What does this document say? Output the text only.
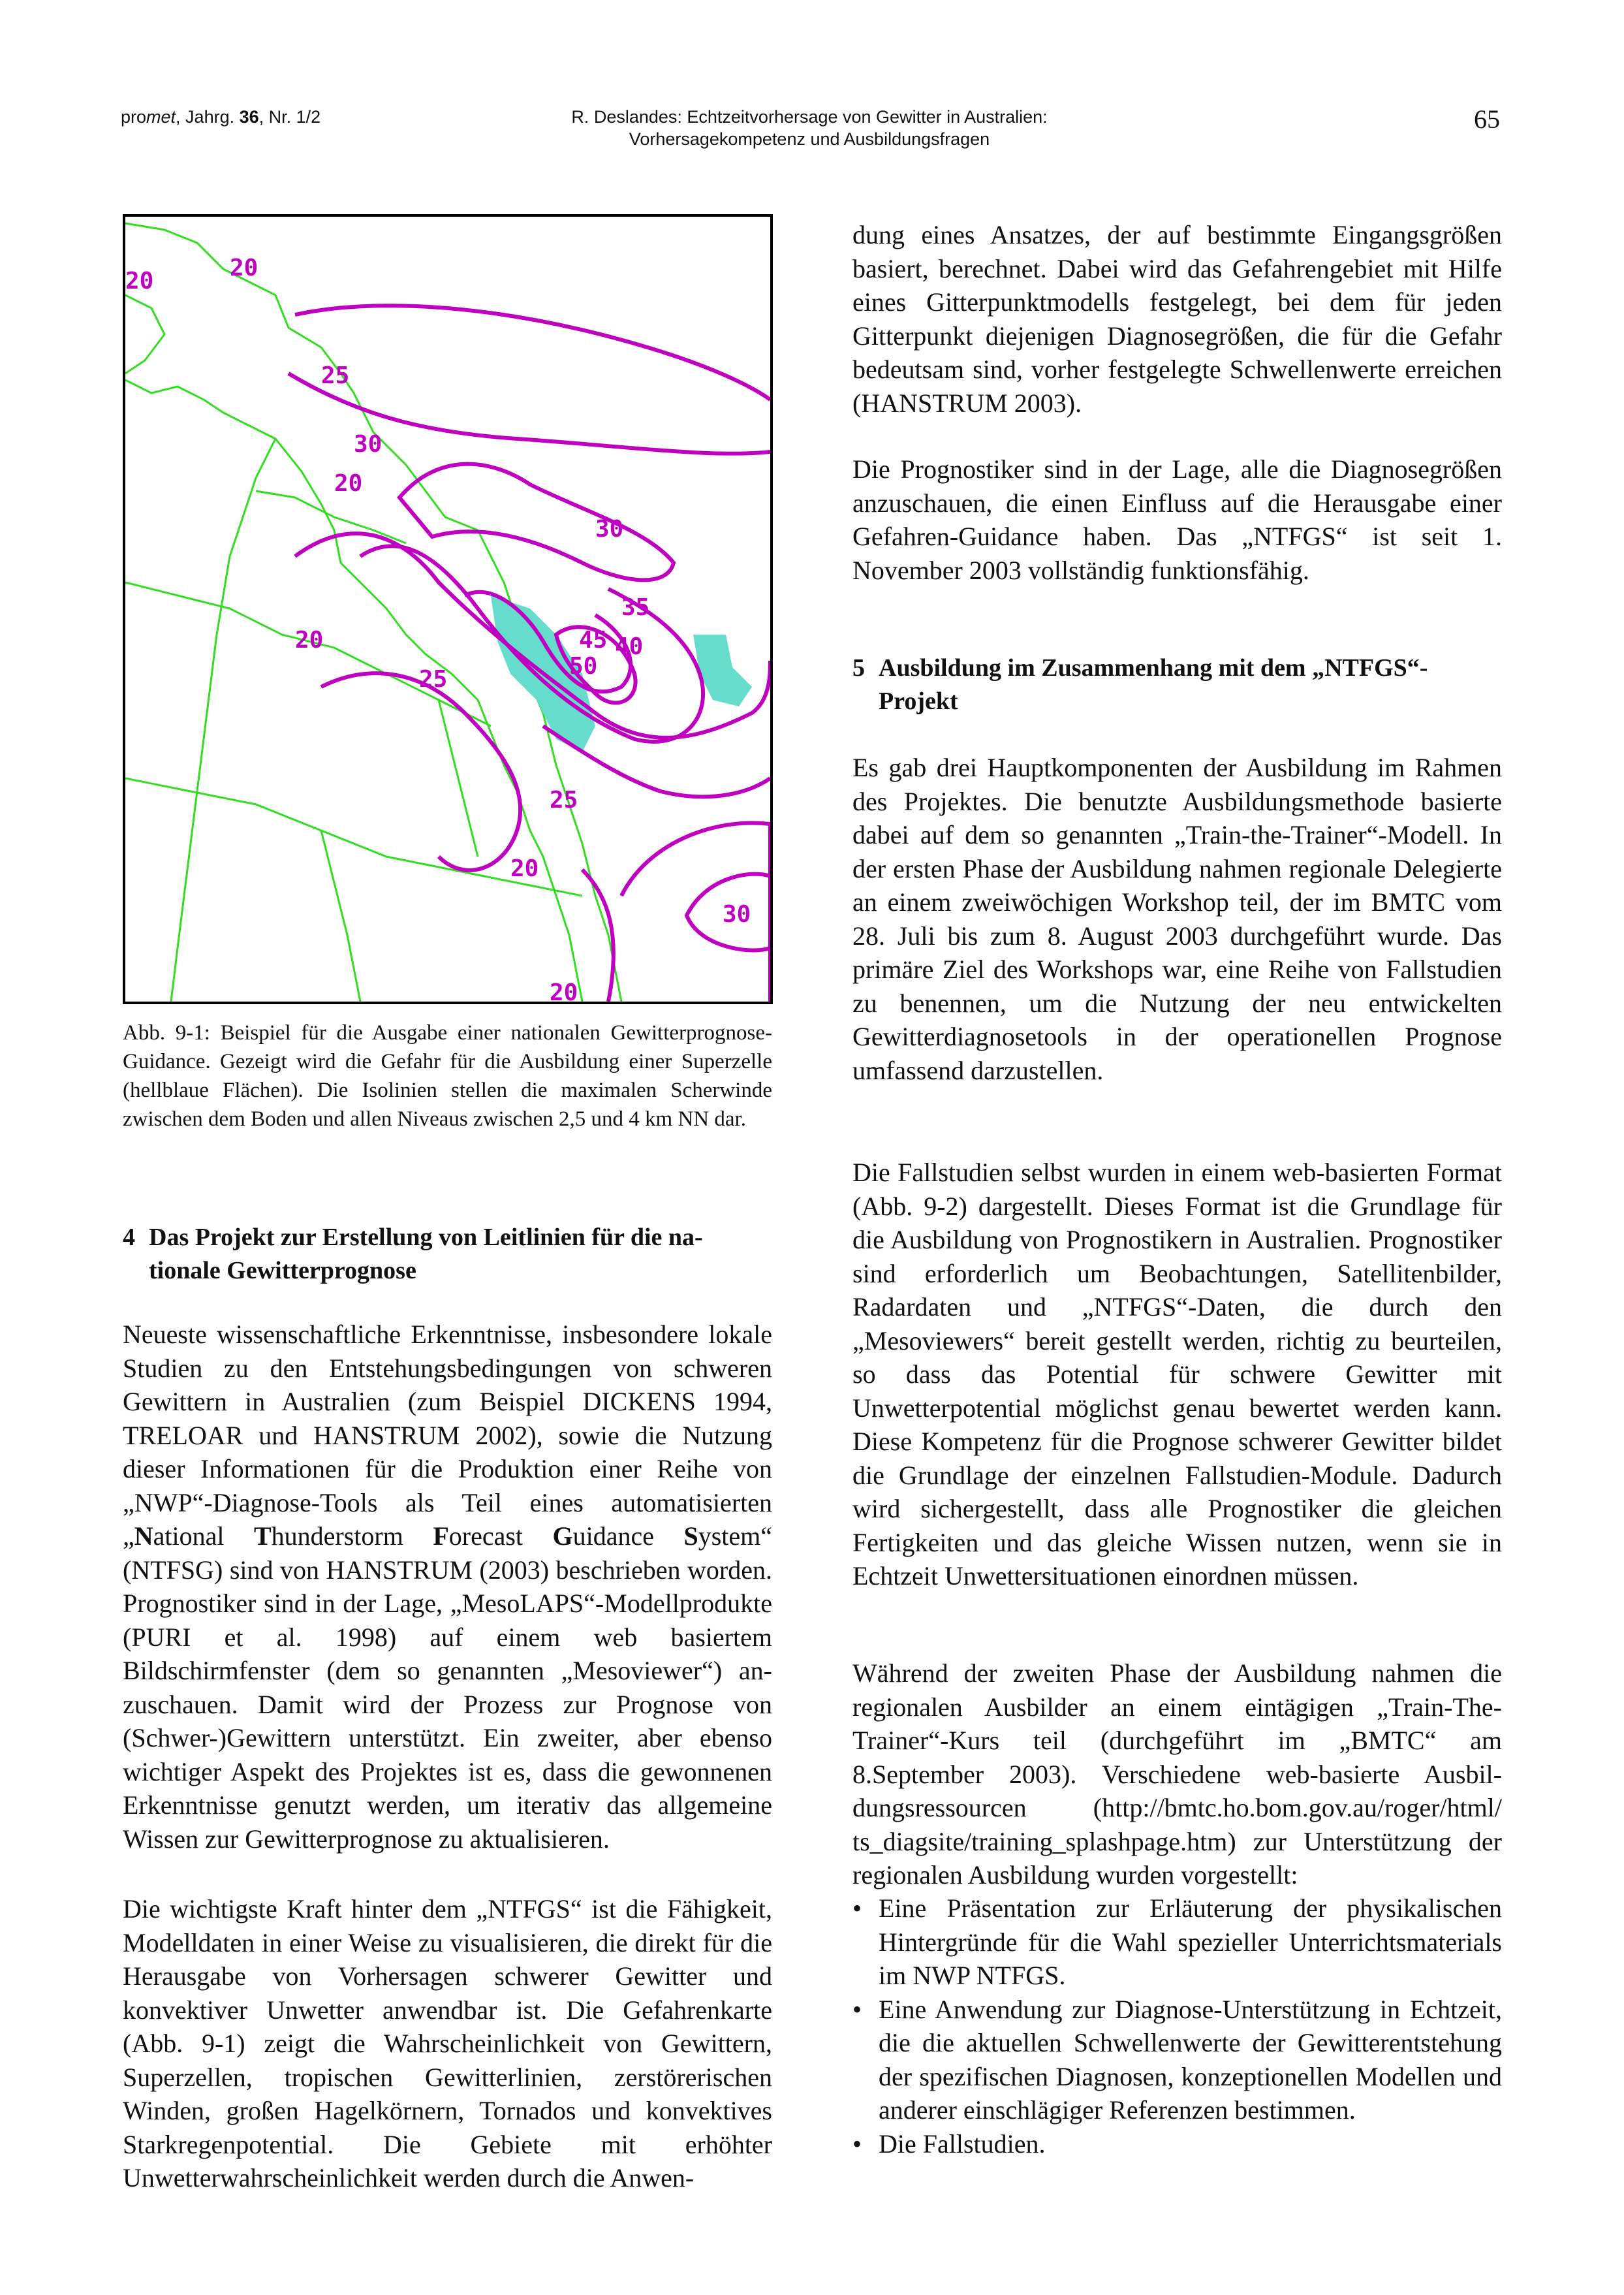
promet, Jahrg. 36, Nr. 1/2	R. Deslandes: Echtzeitvorhersage von Gewitter in Australien:
Vorhersagekompetenz und Ausbildungsfragen
65
20	20
25
30
20
30
35
45 40
50
20
25
25
20
30
20
Abb. 9-1: Beispiel für die Ausgabe einer nationalen Gewitterprognose-Guidance. Gezeigt wird die Gefahr für die Ausbildung einer Superzelle (hellblaue Flächen). Die Isolinien stellen die maximalen Scherwinde zwischen dem Boden und allen Niveaus zwischen 2,5 und 4 km NN dar.
4 Das Projekt zur Erstellung von Leitlinien für die na-
tionale Gewitterprognose
Neueste wissenschaftliche Erkenntnisse, insbesondere lokale Studien zu den Entstehungsbedingungen von schweren Gewittern in Australien (zum Beispiel DICKENS 1994, TRELOAR und HANSTRUM 2002), sowie die Nutzung dieser Informationen für die Produktion einer Reihe von „NWP“-Diagnose-Tools als Teil eines automatisierten „National Thunderstorm Forecast Guidance System“ (NTFSG) sind von HANSTRUM (2003) beschrieben worden. Prognostiker sind in der Lage, „MesoLAPS“-Modellprodukte (PURI et al. 1998) auf einem web basiertem Bildschirmfenster (dem so genannten „Mesoviewer“) anzuschauen. Damit wird der Prozess zur Prognose von (Schwer-)Gewittern unterstützt. Ein zweiter, aber ebenso wichtiger Aspekt des Projektes ist es, dass die gewonnenen Erkenntnisse genutzt werden, um iterativ das allgemeine Wissen zur Gewitterprognose zu aktualisieren.
Die wichtigste Kraft hinter dem „NTFGS“ ist die Fähigkeit, Modelldaten in einer Weise zu visualisieren, die direkt für die Herausgabe von Vorhersagen schwerer Gewitter und konvektiver Unwetter anwendbar ist. Die Gefahrenkarte (Abb. 9-1) zeigt die Wahrscheinlichkeit von Gewittern, Superzellen, tropischen Gewitterlinien, zerstörerischen Winden, großen Hagelkörnern, Tornados und konvektives Starkregenpotential. Die Gebiete mit erhöhter Unwetterwahrscheinlichkeit werden durch die Anwen-
dung eines Ansatzes, der auf bestimmte Eingangsgrößen basiert, berechnet. Dabei wird das Gefahrengebiet mit Hilfe eines Gitterpunktmodells festgelegt, bei dem für jeden Gitterpunkt diejenigen Diagnosegrößen, die für die Gefahr bedeutsam sind, vorher festgelegte Schwellenwerte erreichen (HANSTRUM 2003).
Die Prognostiker sind in der Lage, alle die Diagnosegrößen anzuschauen, die einen Einfluss auf die Herausgabe einer Gefahren-Guidance haben. Das „NTFGS“ ist seit 1. November 2003 vollständig funktionsfähig.
5 Ausbildung im Zusammenhang mit dem „NTFGS“-
Projekt
Es gab drei Hauptkomponenten der Ausbildung im Rahmen des Projektes. Die benutzte Ausbildungsmethode basierte dabei auf dem so genannten „Train-the-Trainer“-Modell. In der ersten Phase der Ausbildung nahmen regionale Delegierte an einem zweiwöchigen Workshop teil, der im BMTC vom 28. Juli bis zum 8. August 2003 durchgeführt wurde. Das primäre Ziel des Workshops war, eine Reihe von Fallstudien zu benennen, um die Nutzung der neu entwickelten Gewitterdiagnosetools in der operationellen Prognose umfassend darzustellen.
Die Fallstudien selbst wurden in einem web-basierten Format (Abb. 9-2) dargestellt. Dieses Format ist die Grundlage für die Ausbildung von Prognostikern in Australien. Prognostiker sind erforderlich um Beobachtungen, Satellitenbilder, Radardaten und „NTFGS“-Daten, die durch den „Mesoviewers“ bereit gestellt werden, richtig zu beurteilen, so dass das Potential für schwere Gewitter mit Unwetterpotential möglichst genau bewertet werden kann. Diese Kompetenz für die Prognose schwerer Gewitter bildet die Grundlage der einzelnen Fallstudien-Module. Dadurch wird sichergestellt, dass alle Prognostiker die gleichen Fertigkeiten und das gleiche Wissen nutzen, wenn sie in Echtzeit Unwettersituationen einordnen müssen.
Während der zweiten Phase der Ausbildung nahmen die regionalen Ausbilder an einem eintägigen „Train-The-Trainer“-Kurs teil (durchgeführt im „BMTC“ am 8.September 2003). Verschiedene web-basierte Ausbildungsressourcen (http://bmtc.ho.bom.gov.au/roger/html/ ts_diagsite/training_splashpage.htm) zur Unterstützung der regionalen Ausbildung wurden vorgestellt:
• Eine Präsentation zur Erläuterung der physikalischen Hintergründe für die Wahl spezieller Unterrichtsmaterials im NWP NTFGS.
• Eine Anwendung zur Diagnose-Unterstützung in Echtzeit, die die aktuellen Schwellenwerte der Gewitterentstehung der spezifischen Diagnosen, konzeptionellen Modellen und anderer einschlägiger Referenzen bestimmen.
• Die Fallstudien.
